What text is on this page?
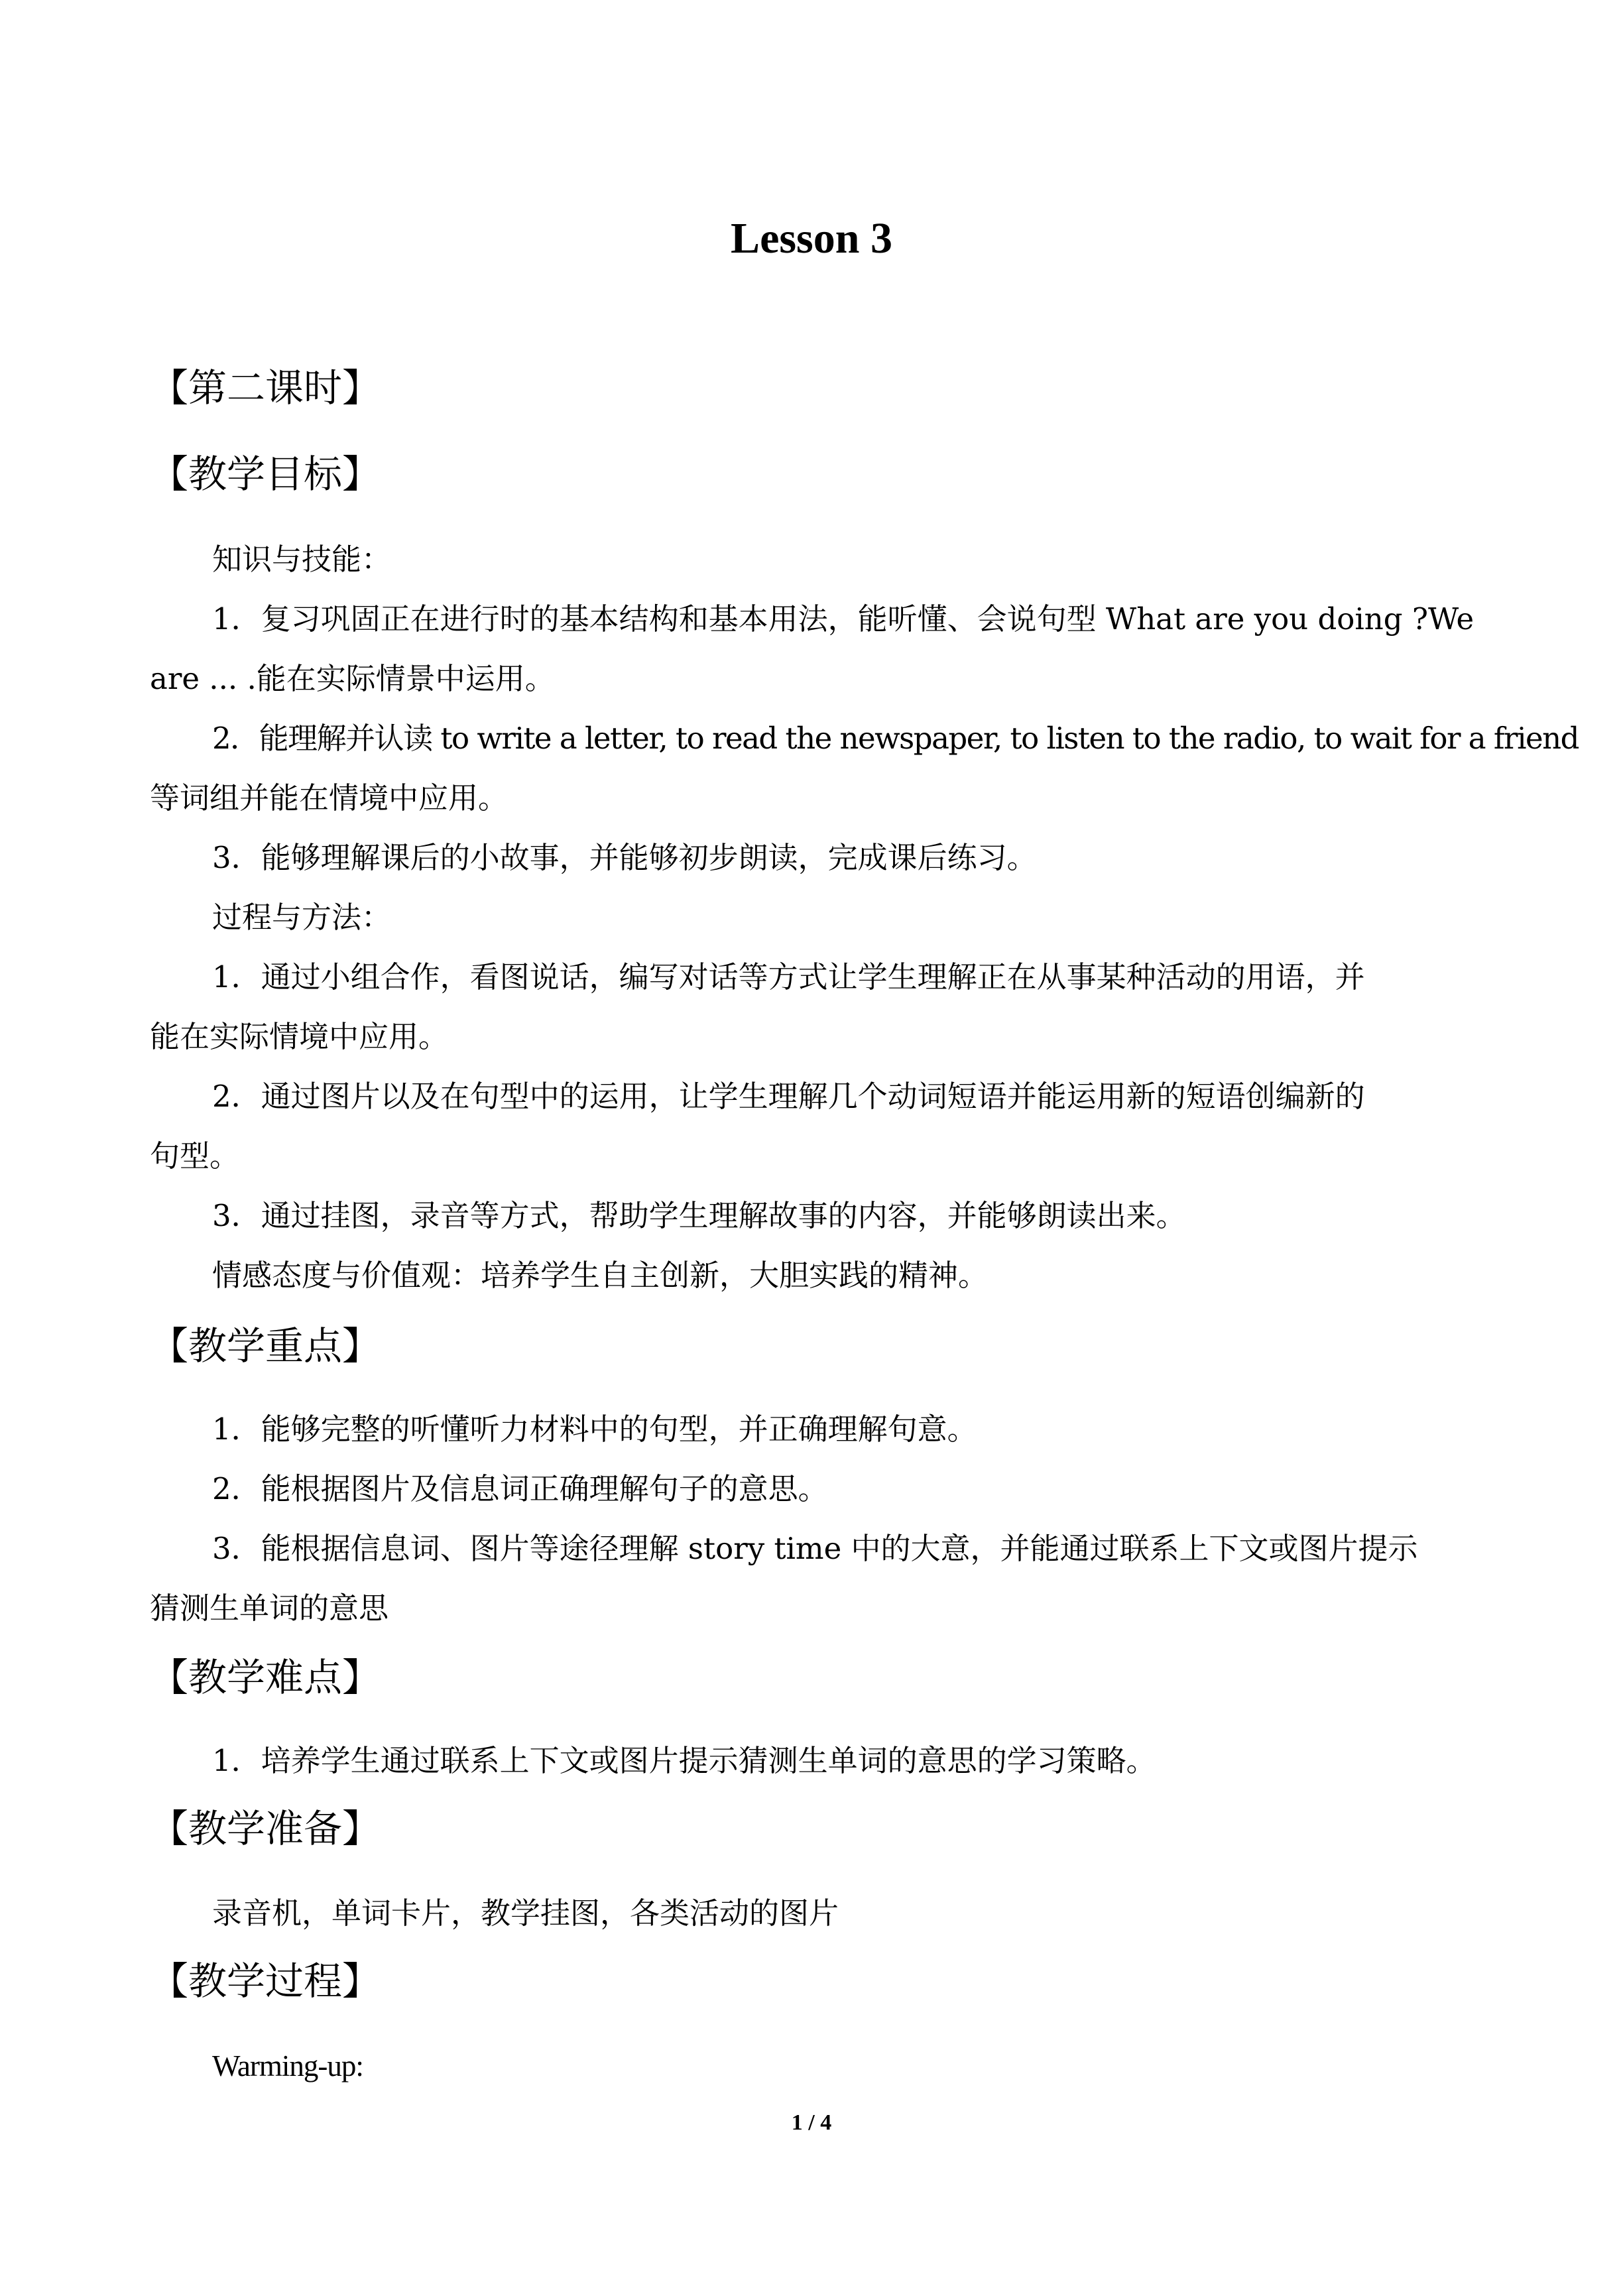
Lesson 3
【第二课时】
【教学目标】
知识与技能：
1．复习巩固正在进行时的基本结构和基本用法，能听懂、会说句型 What are you doing ?We
are ... .能在实际情景中运用。
2．能理解并认读 to write a letter, to read the newspaper, to listen to the radio, to wait for a friend
等词组并能在情境中应用。
3．能够理解课后的小故事，并能够初步朗读，完成课后练习。
过程与方法：
1．通过小组合作，看图说话，编写对话等方式让学生理解正在从事某种活动的用语，并
能在实际情境中应用。
2．通过图片以及在句型中的运用，让学生理解几个动词短语并能运用新的短语创编新的
句型。
3．通过挂图，录音等方式，帮助学生理解故事的内容，并能够朗读出来。
情感态度与价值观：培养学生自主创新，大胆实践的精神。
【教学重点】
1．能够完整的听懂听力材料中的句型，并正确理解句意。
2．能根据图片及信息词正确理解句子的意思。
3．能根据信息词、图片等途径理解 story time 中的大意，并能通过联系上下文或图片提示
猜测生单词的意思
【教学难点】
1．培养学生通过联系上下文或图片提示猜测生单词的意思的学习策略。
【教学准备】
录音机，单词卡片，教学挂图，各类活动的图片
【教学过程】
Warming-up:
1 / 4
